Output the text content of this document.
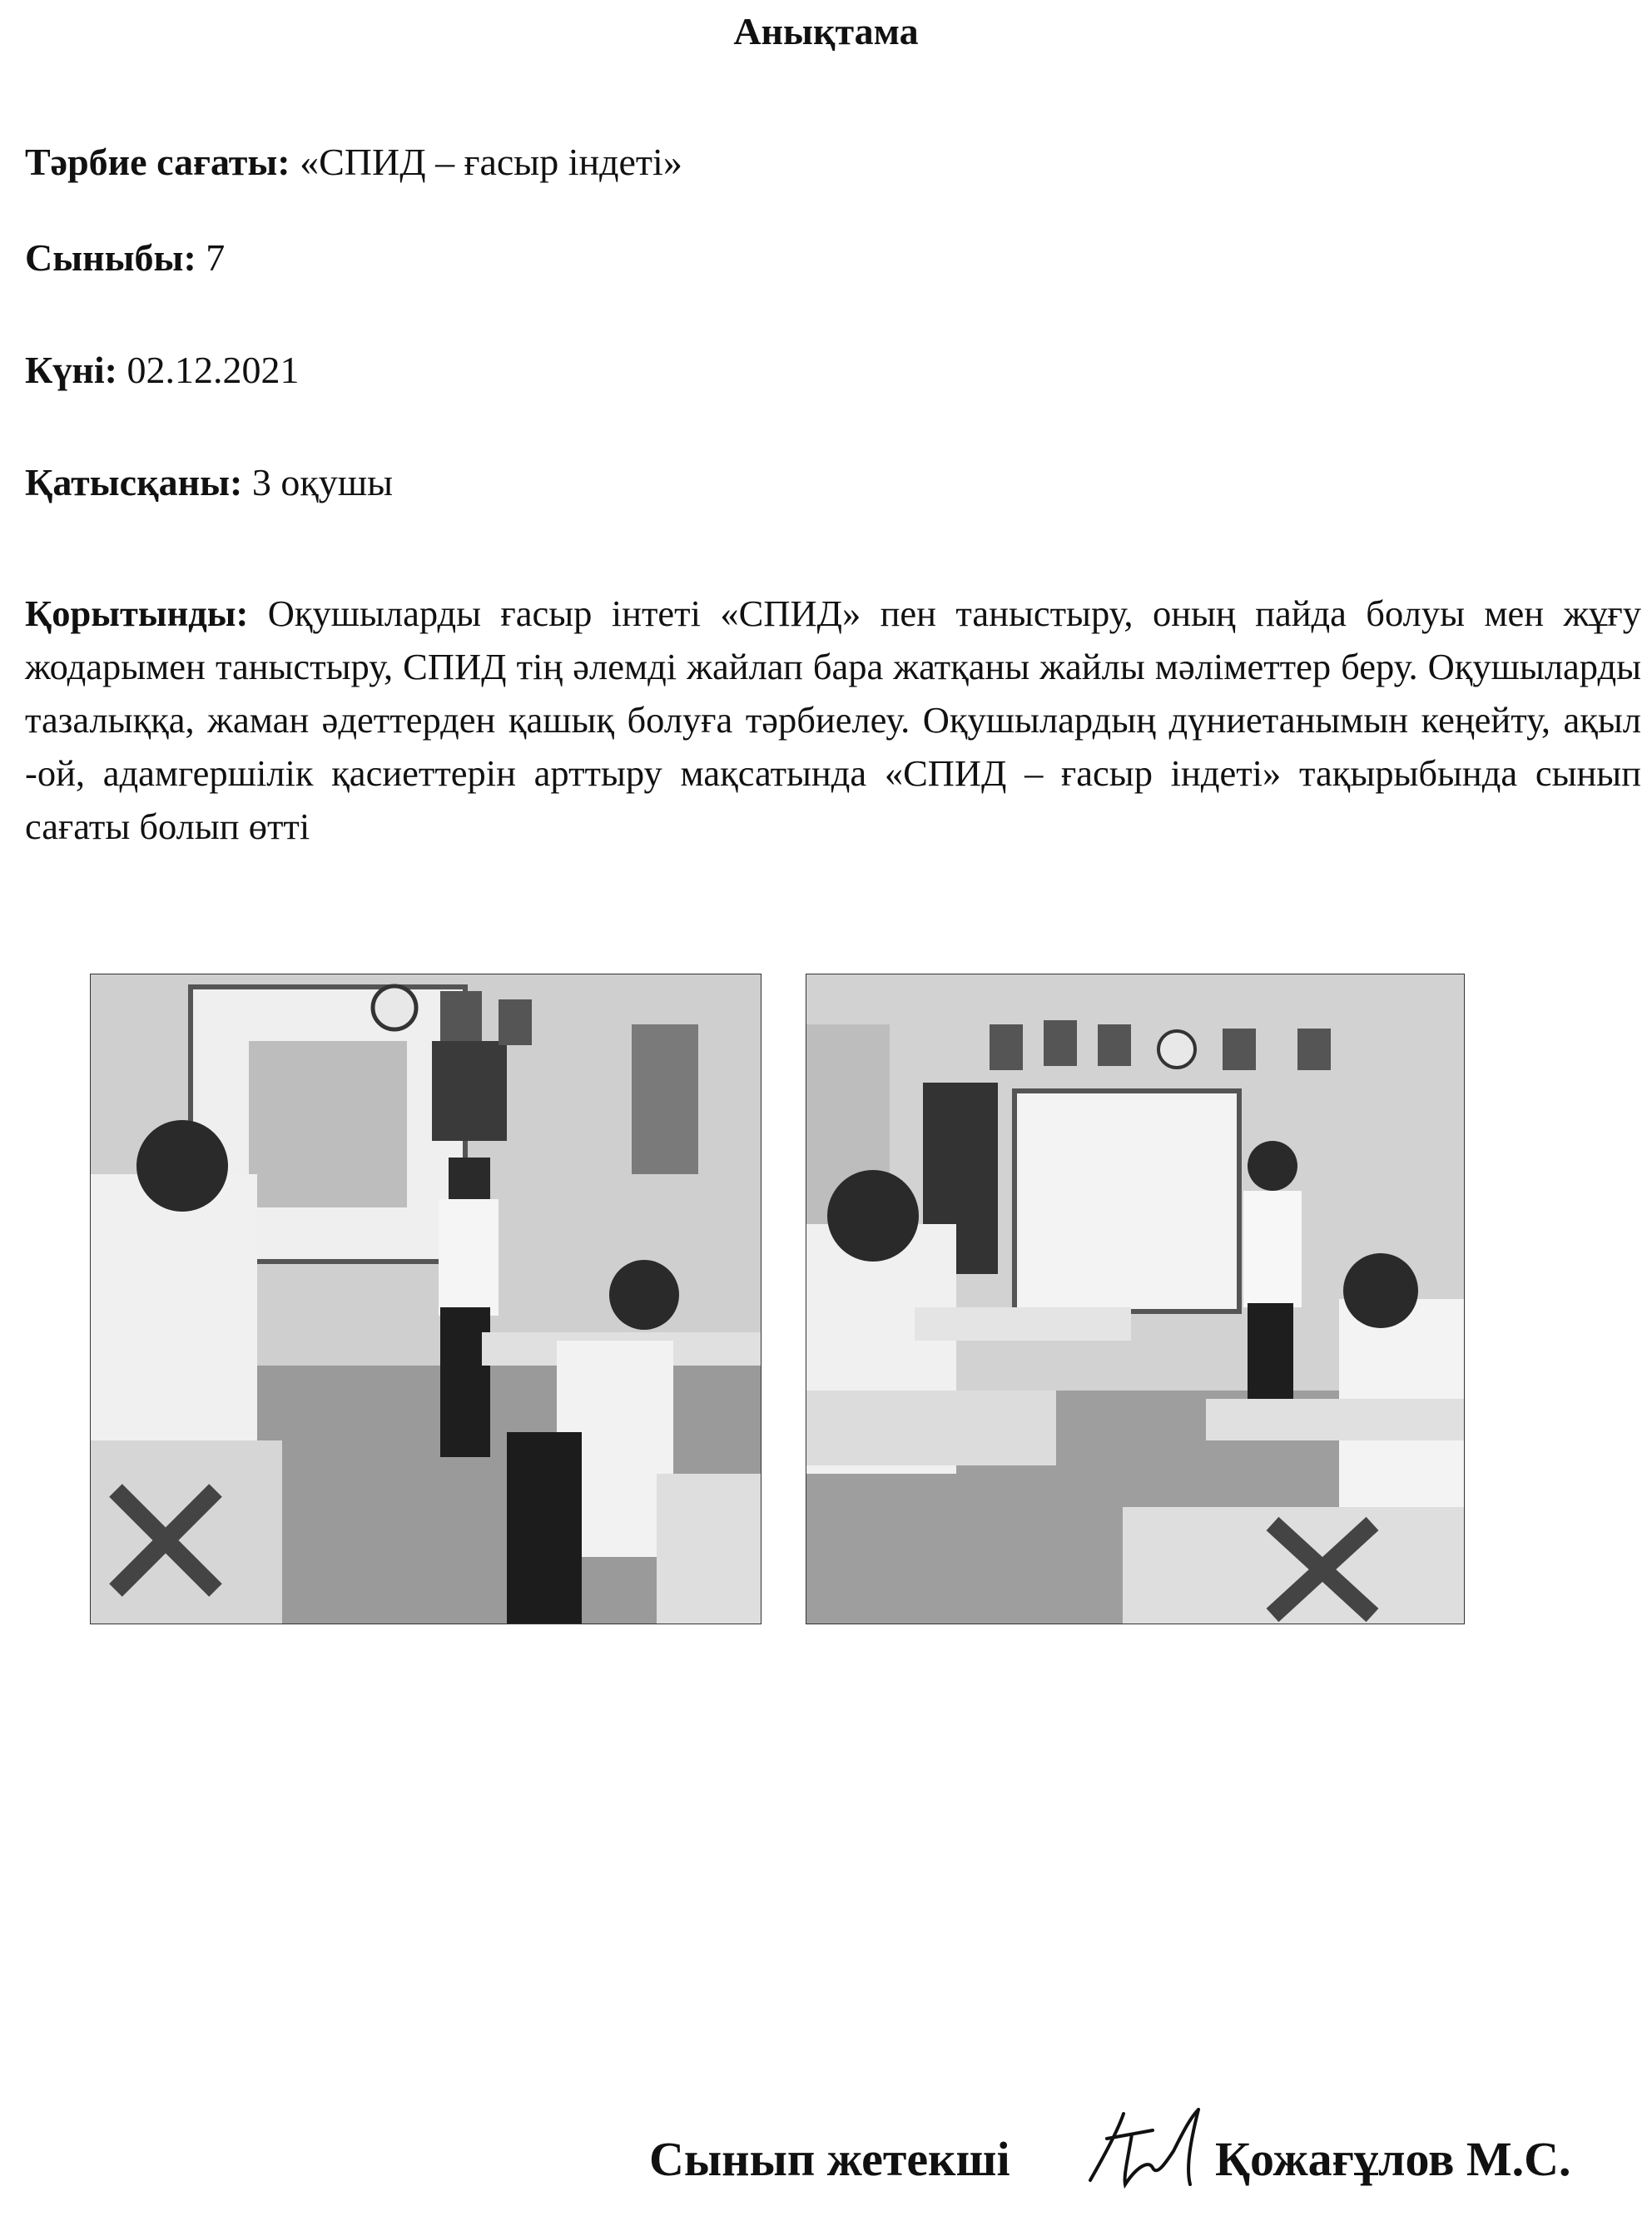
Анықтама
Тәрбие сағаты: «СПИД – ғасыр індеті»
Сыныбы: 7
Күні: 02.12.2021
Қатысқаны: 3 оқушы
Қорытынды: Оқушыларды ғасыр інтеті «СПИД» пен таныстыру, оның пайда болуы мен жұғу жодарымен таныстыру, СПИД тің әлемді жайлап бара жатқаны жайлы мәліметтер беру. Оқушыларды тазалыққа, жаман әдеттерден қашық болуға тәрбиелеу. Оқушылардың дүниетанымын кеңейту, ақыл -ой, адамгершілік қасиеттерін арттыру мақсатында «СПИД – ғасыр індеті» тақырыбында сынып сағаты болып өтті
Сынып жетекші	Қожағұлов М.С.
